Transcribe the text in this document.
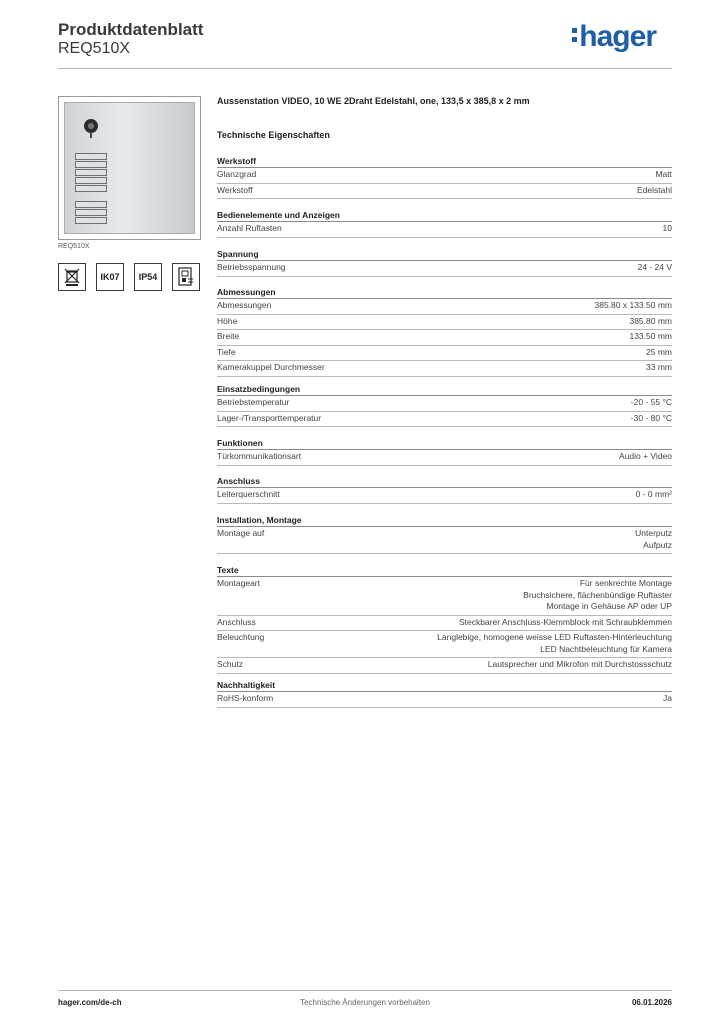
Produktdatenblatt
REQ510X	hager
REQ510X
IK07	IP54
Aussenstation VIDEO, 10 WE 2Draht Edelstahl, one, 133,5 x 385,8 x 2 mm
Technische Eigenschaften
Werkstoff
Glanzgrad	Matt
Werkstoff	Edelstahl
Bedienelemente und Anzeigen
Anzahl Ruftasten	10
Spannung
Betriebsspannung	24 - 24 V
Abmessungen
Abmessungen	385.80 x 133.50 mm
Höhe	385.80 mm
Breite	133.50 mm
Tiefe	25 mm
Kamerakuppel Durchmesser	33 mm
Einsatzbedingungen
Betriebstemperatur	-20 - 55 °C
Lager-/Transporttemperatur	-30 - 80 °C
Funktionen
Türkommunikationsart	Audio + Video
Anschluss
Leiterquerschnitt	0 - 0 mm²
Installation, Montage
Montage auf	Unterputz
Aufputz
Texte
Montageart	Für senkrechte Montage
Bruchsichere, flächenbündige Ruftaster
Montage in Gehäuse AP oder UP
Anschluss	Steckbarer Anschluss-Klemmblock mit Schraubklemmen
Beleuchtung	Langlebige, homogene weisse LED Ruftasten-Hinterleuchtung
LED Nachtbeleuchtung für Kamera
Schutz	Lautsprecher und Mikrofon mit Durchstossschutz
Nachhaltigkeit
RoHS-konform	Ja
hager.com/de-ch	Technische Änderungen vorbehalten	06.01.2026
